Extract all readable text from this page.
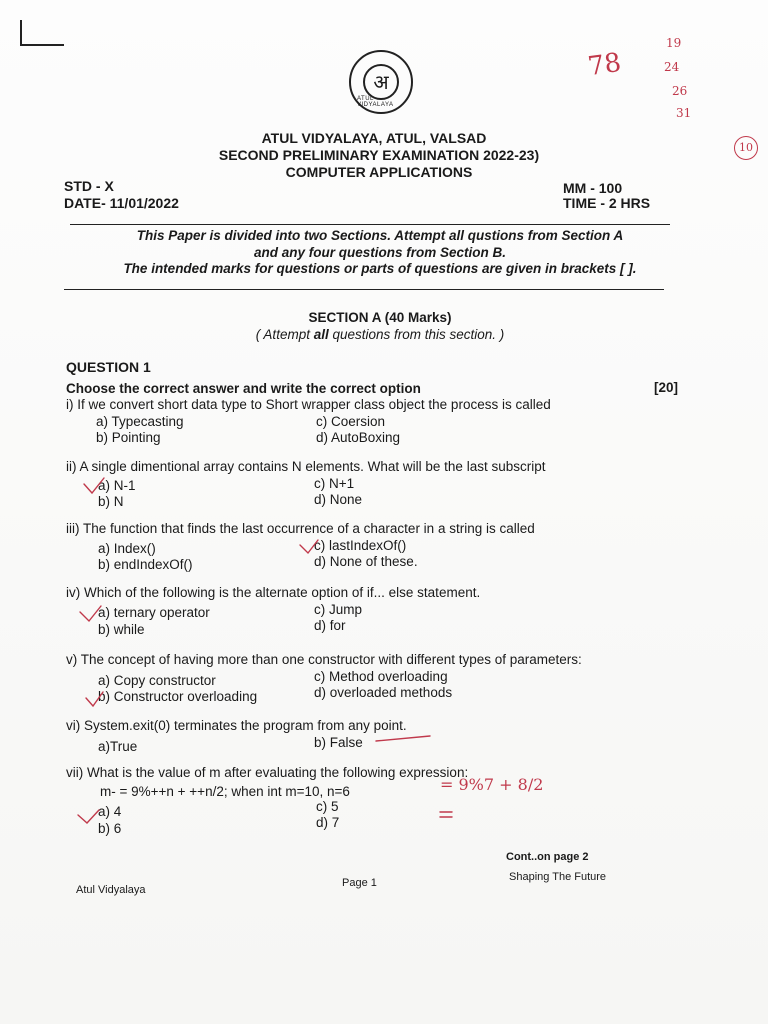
अ
ATUL VIDYALAYA
ATUL VIDYALAYA, ATUL, VALSAD
SECOND PRELIMINARY EXAMINATION 2022-23)
COMPUTER APPLICATIONS
STD - X
DATE- 11/01/2022
MM - 100
TIME - 2 HRS
This Paper is divided into two Sections. Attempt all qustions from Section A
and any four questions from Section B.
The intended marks for questions or parts of questions are given in brackets [ ].
SECTION A (40 Marks)
( Attempt all questions from this section. )
QUESTION 1
Choose the correct answer and write the correct option	[20]
i) If we convert short data type to Short wrapper class object the process is called
a) Typecasting
b) Pointing
c) Coersion
d) AutoBoxing
ii) A single dimentional array contains N elements. What will be the last subscript
a) N-1
b) N
c) N+1
d) None
iii) The function that finds the last occurrence of a character in a string is called
a) Index()
b) endIndexOf()
c) lastIndexOf()
d) None of these.
iv) Which of the following is the alternate option of if... else statement.
a) ternary operator
b) while
c) Jump
d) for
v) The concept of having more than one constructor with different types of parameters:
a) Copy constructor
b) Constructor overloading
c) Method overloading
d) overloaded methods
vi) System.exit(0) terminates the program from any point.
a)True	b) False
vii) What is the value of m after evaluating the following expression:
m- = 9%++n + ++n/2; when int m=10, n=6
a) 4
b) 6
c) 5
d) 7
Cont..on page 2
Shaping The Future
Page 1
Atul Vidyalaya
78
19
24
26
31
10
= 9%7 + 8/2
